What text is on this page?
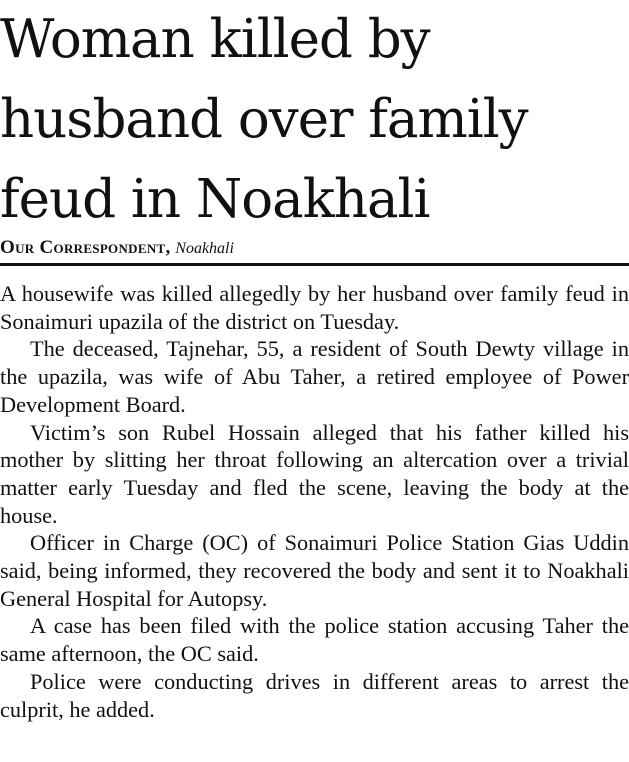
Woman killed by
husband over family
feud in Noakhali
Our Correspondent, Noakhali

A housewife was killed allegedly by her husband over family feud in Sonaimuri upazila of the district on Tuesday.

The deceased, Tajnehar, 55, a resident of South Dewty village in the upazila, was wife of Abu Taher, a retired employee of Power Development Board.

Victim’s son Rubel Hossain alleged that his father killed his mother by slitting her throat following an altercation over a trivial matter early Tuesday and fled the scene, leaving the body at the house.

Officer in Charge (OC) of Sonaimuri Police Station Gias Uddin said, being informed, they recovered the body and sent it to Noakhali General Hospital for Autopsy.

A case has been filed with the police station accusing Taher the same afternoon, the OC said.

Police were conducting drives in different areas to arrest the culprit, he added.
